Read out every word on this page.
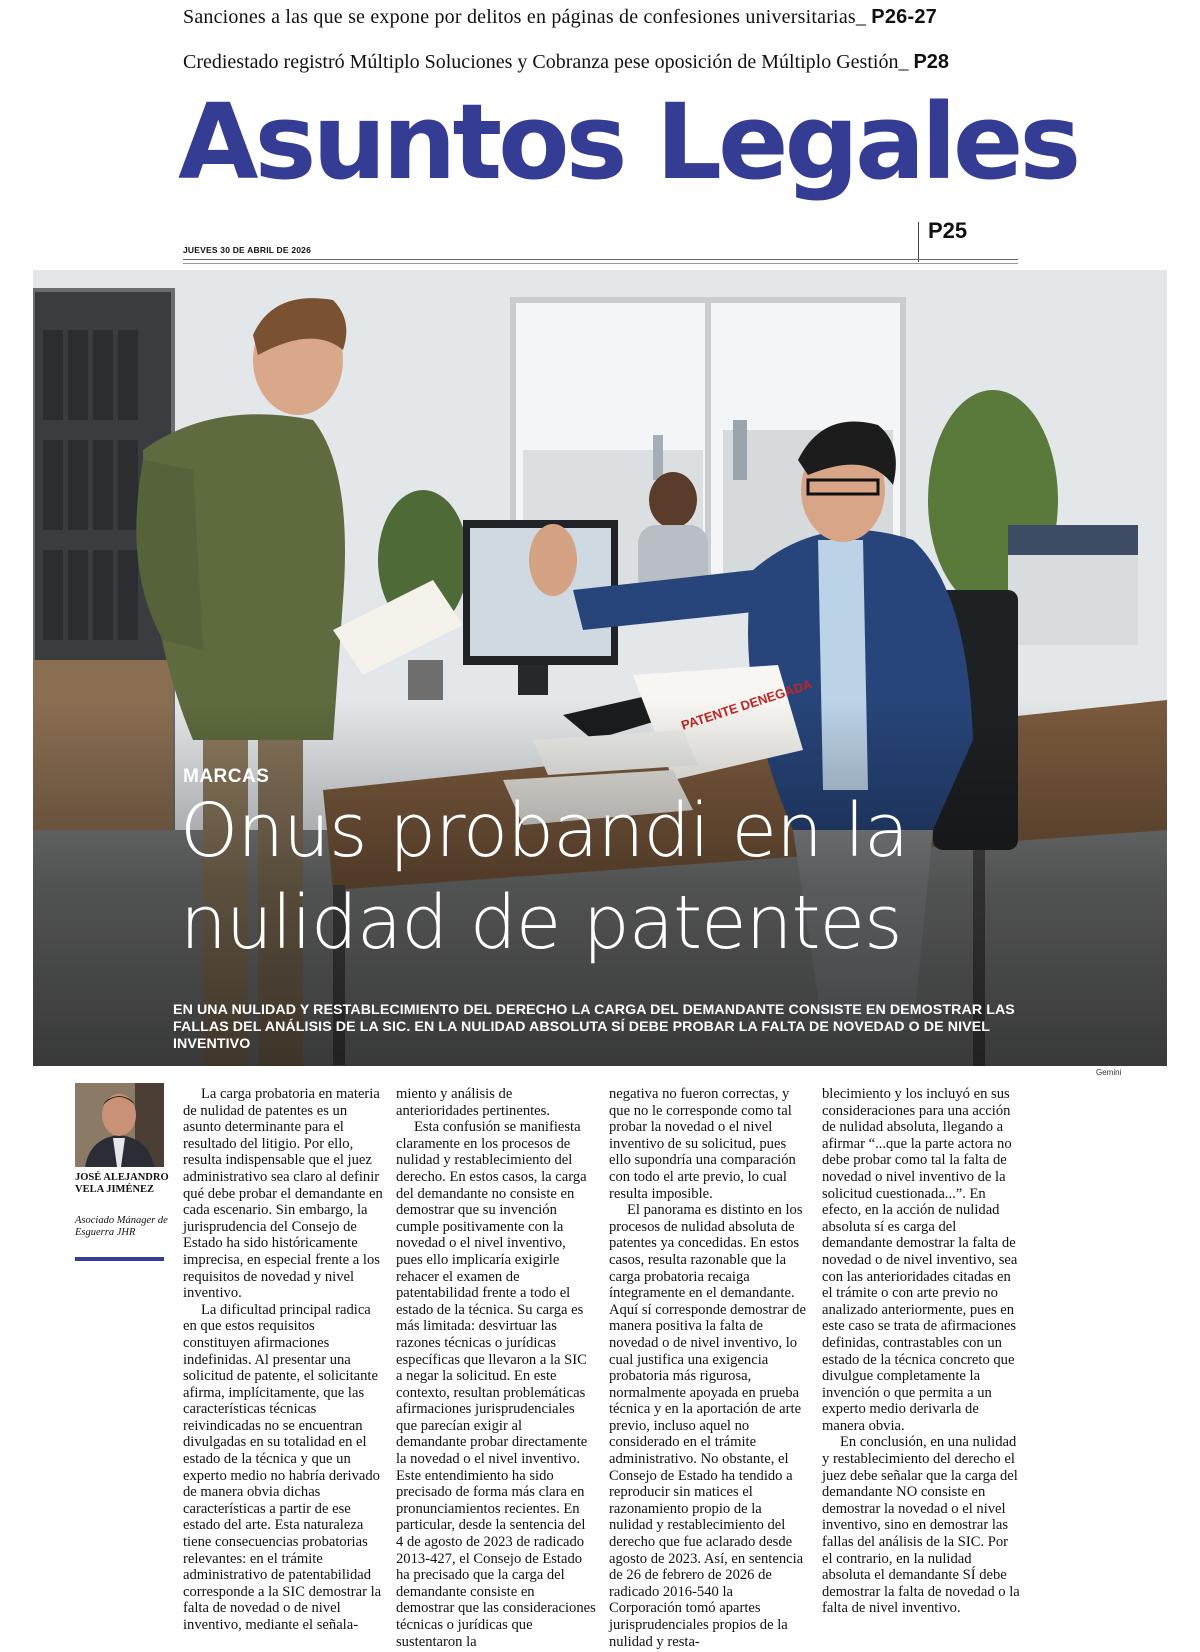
Sanciones a las que se expone por delitos en páginas de confesiones universitarias_ P26-27
Crediestado registró Múltiplo Soluciones y Cobranza pese oposición de Múltiplo Gestión_ P28
Asuntos Legales
P25
JUEVES 30 DE ABRIL DE 2026
MARCAS
Onus probandi en la
nulidad de patentes
EN UNA NULIDAD Y RESTABLECIMIENTO DEL DERECHO LA CARGA DEL DEMANDANTE CONSISTE EN DEMOSTRAR LAS FALLAS DEL ANÁLISIS DE LA SIC. EN LA NULIDAD ABSOLUTA SÍ DEBE PROBAR LA FALTA DE NOVEDAD O DE NIVEL INVENTIVO
Gemini
JOSÉ ALEJANDRO VELA JIMÉNEZ
Asociado Mánager de Esguerra JHR

La carga probatoria en materia de nulidad de patentes es un asunto determinante para el resultado del litigio. Por ello, resulta indispensable que el juez administrativo sea claro al definir qué debe probar el demandante en cada escenario. Sin embargo, la jurisprudencia del Consejo de Estado ha sido históricamente imprecisa, en especial frente a los requisitos de novedad y nivel inventivo.

La dificultad principal radica en que estos requisitos constituyen afirmaciones indefinidas. Al presentar una solicitud de patente, el solicitante afirma, implícitamente, que las características técnicas reivindicadas no se encuentran divulgadas en su totalidad en el estado de la técnica y que un experto medio no habría derivado de manera obvia dichas características a partir de ese estado del arte. Esta naturaleza tiene consecuencias probatorias relevantes: en el trámite administrativo de patentabilidad corresponde a la SIC demostrar la falta de novedad o de nivel inventivo, mediante el señala-

miento y análisis de anterioridades pertinentes.

Esta confusión se manifiesta claramente en los procesos de nulidad y restablecimiento del derecho. En estos casos, la carga del demandante no consiste en demostrar que su invención cumple positivamente con la novedad o el nivel inventivo, pues ello implicaría exigirle rehacer el examen de patentabilidad frente a todo el estado de la técnica. Su carga es más limitada: desvirtuar las razones técnicas o jurídicas específicas que llevaron a la SIC a negar la solicitud. En este contexto, resultan problemáticas afirmaciones jurisprudenciales que parecían exigir al demandante probar directamente la novedad o el nivel inventivo. Este entendimiento ha sido precisado de forma más clara en pronunciamientos recientes. En particular, desde la sentencia del 4 de agosto de 2023 de radicado 2013-427, el Consejo de Estado ha precisado que la carga del demandante consiste en demostrar que las consideraciones técnicas o jurídicas que sustentaron la

negativa no fueron correctas, y que no le corresponde como tal probar la novedad o el nivel inventivo de su solicitud, pues ello supondría una comparación con todo el arte previo, lo cual resulta imposible.

El panorama es distinto en los procesos de nulidad absoluta de patentes ya concedidas. En estos casos, resulta razonable que la carga probatoria recaiga íntegramente en el demandante. Aquí sí corresponde demostrar de manera positiva la falta de novedad o de nivel inventivo, lo cual justifica una exigencia probatoria más rigurosa, normalmente apoyada en prueba técnica y en la aportación de arte previo, incluso aquel no considerado en el trámite administrativo. No obstante, el Consejo de Estado ha tendido a reproducir sin matices el razonamiento propio de la nulidad y restablecimiento del derecho que fue aclarado desde agosto de 2023. Así, en sentencia de 26 de febrero de 2026 de radicado 2016-540 la Corporación tomó apartes jurisprudenciales propios de la nulidad y resta-

blecimiento y los incluyó en sus consideraciones para una acción de nulidad absoluta, llegando a afirmar “...que la parte actora no debe probar como tal la falta de novedad o nivel inventivo de la solicitud cuestionada...”. En efecto, en la acción de nulidad absoluta sí es carga del demandante demostrar la falta de novedad o de nivel inventivo, sea con las anterioridades citadas en el trámite o con arte previo no analizado anteriormente, pues en este caso se trata de afirmaciones definidas, contrastables con un estado de la técnica concreto que divulgue completamente la invención o que permita a un experto medio derivarla de manera obvia.

En conclusión, en una nulidad y restablecimiento del derecho el juez debe señalar que la carga del demandante NO consiste en demostrar la novedad o el nivel inventivo, sino en demostrar las fallas del análisis de la SIC. Por el contrario, en la nulidad absoluta el demandante SÍ debe demostrar la falta de novedad o la falta de nivel inventivo.
